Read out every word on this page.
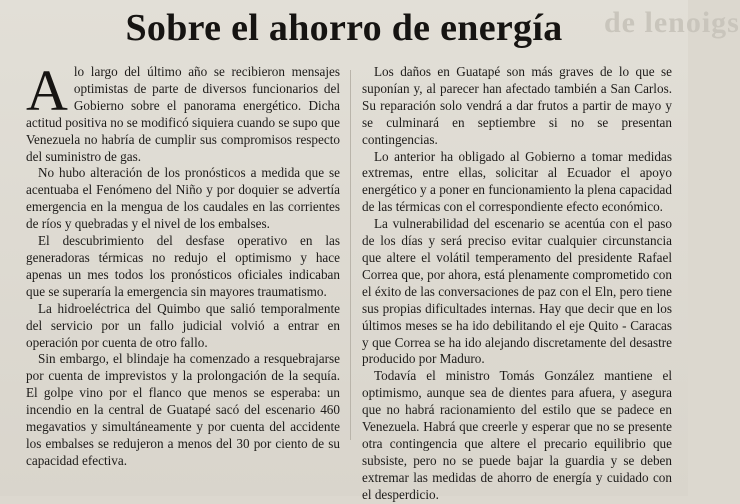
de lenoigs
Sobre el ahorro de energía

Alo largo del último año se recibieron mensajes optimistas de parte de diversos funcionarios del Gobierno sobre el panorama energético. Dicha actitud positiva no se modificó siquiera cuando se supo que Venezuela no habría de cumplir sus compromisos respecto del suministro de gas.

No hubo alteración de los pronósticos a medida que se acentuaba el Fenómeno del Niño y por doquier se advertía emergencia en la mengua de los caudales en las corrientes de ríos y quebradas y el nivel de los embalses.

El descubrimiento del desfase operativo en las generadoras térmicas no redujo el optimismo y hace apenas un mes todos los pronósticos oficiales indicaban que se superaría la emergencia sin mayores traumatismo.

La hidroeléctrica del Quimbo que salió temporalmente del servicio por un fallo judicial volvió a entrar en operación por cuenta de otro fallo.

Sin embargo, el blindaje ha comenzado a resquebrajarse por cuenta de imprevistos y la prolongación de la sequía. El golpe vino por el flanco que menos se esperaba: un incendio en la central de Guatapé sacó del escenario 460 megavatios y simultáneamente y por cuenta del accidente los embalses se redujeron a menos del 30 por ciento de su capacidad efectiva.

Los daños en Guatapé son más graves de lo que se suponían y, al parecer han afectado también a San Carlos. Su reparación solo vendrá a dar frutos a partir de mayo y se culminará en septiembre si no se presentan contingencias.

Lo anterior ha obligado al Gobierno a tomar medidas extremas, entre ellas, solicitar al Ecuador el apoyo energético y a poner en funcionamiento la plena capacidad de las térmicas con el correspondiente efecto económico.

La vulnerabilidad del escenario se acentúa con el paso de los días y será preciso evitar cualquier circunstancia que altere el volátil temperamento del presidente Rafael Correa que, por ahora, está plenamente comprometido con el éxito de las conversaciones de paz con el Eln, pero tiene sus propias dificultades internas. Hay que decir que en los últimos meses se ha ido debilitando el eje Quito - Caracas y que Correa se ha ido alejando discretamente del desastre producido por Maduro.

Todavía el ministro Tomás González mantiene el optimismo, aunque sea de dientes para afuera, y asegura que no habrá racionamiento del estilo que se padece en Venezuela. Habrá que creerle y esperar que no se presente otra contingencia que altere el precario equilibrio que subsiste, pero no se puede bajar la guardia y se deben extremar las medidas de ahorro de energía y cuidado con el desperdicio.
